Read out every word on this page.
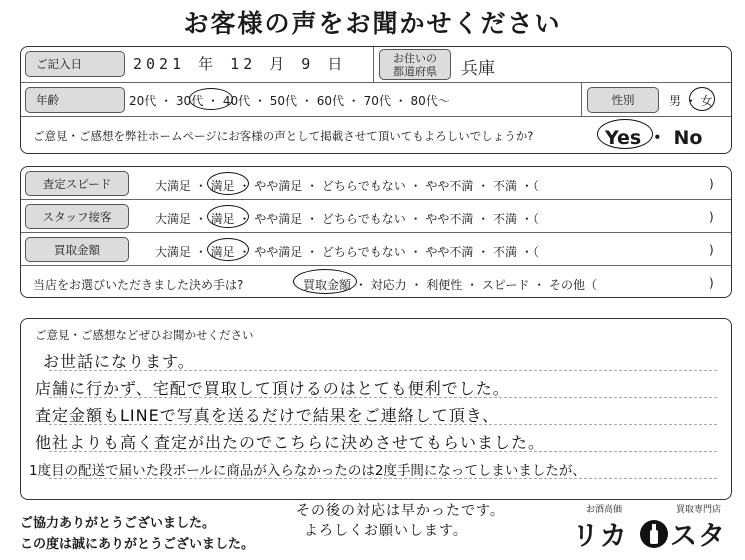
お客様の声をお聞かせください
ご記入日	2021 年 12 月 9 日	お住いの
都道府県 兵庫
年齢	20代 ・ 30代 ・ 40代 ・ 50代 ・ 60代 ・ 70代 ・ 80代〜	性別	男 ・ 女
ご意見・ご感想を弊社ホームページにお客様の声として掲載させて頂いてもよろしいでしょうか?	Yes ・ No
査定スピード	大満足 ・ 満足 ・ やや満足 ・ どちらでもない ・ やや不満 ・ 不満 ・（	)
スタッフ接客	大満足 ・ 満足 ・ やや満足 ・ どちらでもない ・ やや不満 ・ 不満 ・（	)
買取金額	大満足 ・ 満足 ・ やや満足 ・ どちらでもない ・ やや不満 ・ 不満 ・（	)
当店をお選びいただきました決め手は?	買取金額 ・ 対応力 ・ 利便性 ・ スピード ・ その他（	)
ご意見・ご感想などぜひお聞かせください
お世話になります。
店舗に行かず、宅配で買取して頂けるのはとても便利でした。
査定金額もLINEで写真を送るだけで結果をご連絡して頂き、
他社よりも高く査定が出たのでこちらに決めさせてもらいました。
1度目の配送で届いた段ボールに商品が入らなかったのは2度手間になってしまいましたが、
その後の対応は早かったです。
よろしくお願いします。
ご協力ありがとうございました。
この度は誠にありがとうございました。
お酒高価	買取専門店
リカ スタ
